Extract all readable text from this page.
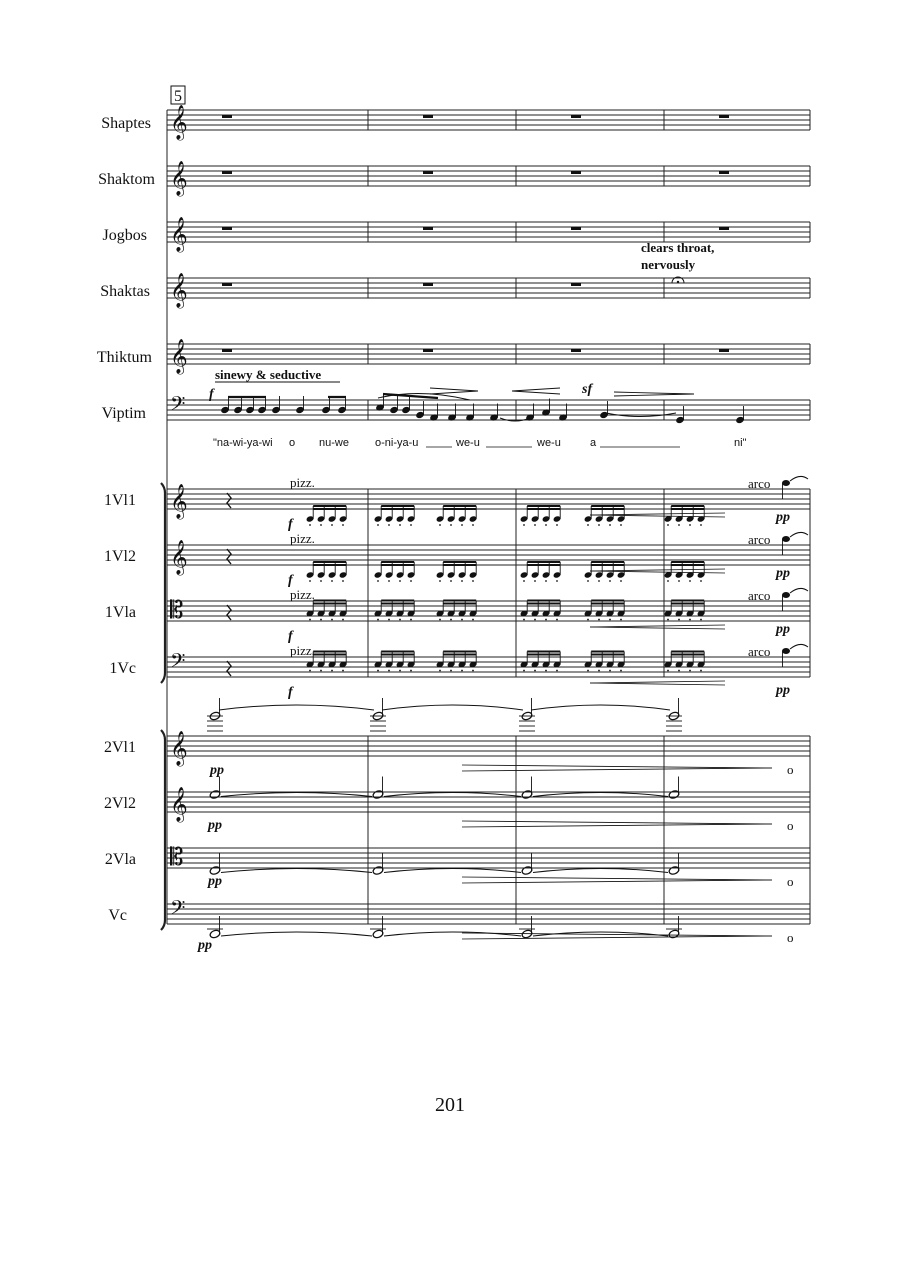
𝄞
𝄞
𝄞
𝄞
𝄞
𝄢
𝄞
𝄞
𝄡
𝄢
𝄞
𝄞
𝄡
𝄢
5
Shaptes
Shaktom
Jogbos
Shaktas
Thiktum
Viptim
1Vl1
1Vl2
1Vla
1Vc
2Vl1
2Vl2
2Vla
Vc
clears throat,
nervously
sinewy & seductive
pizz.
pizz.
pizz.
pizz.
arco
arco
arco
arco
f	sf
f
f
f
f
pp
pp
pp
pp
pp
pp
pp
pp
o
o
o
o
"na-wi-ya-wi o nu-we o-ni-ya-u	we-u	we-u	a	ni"
201
